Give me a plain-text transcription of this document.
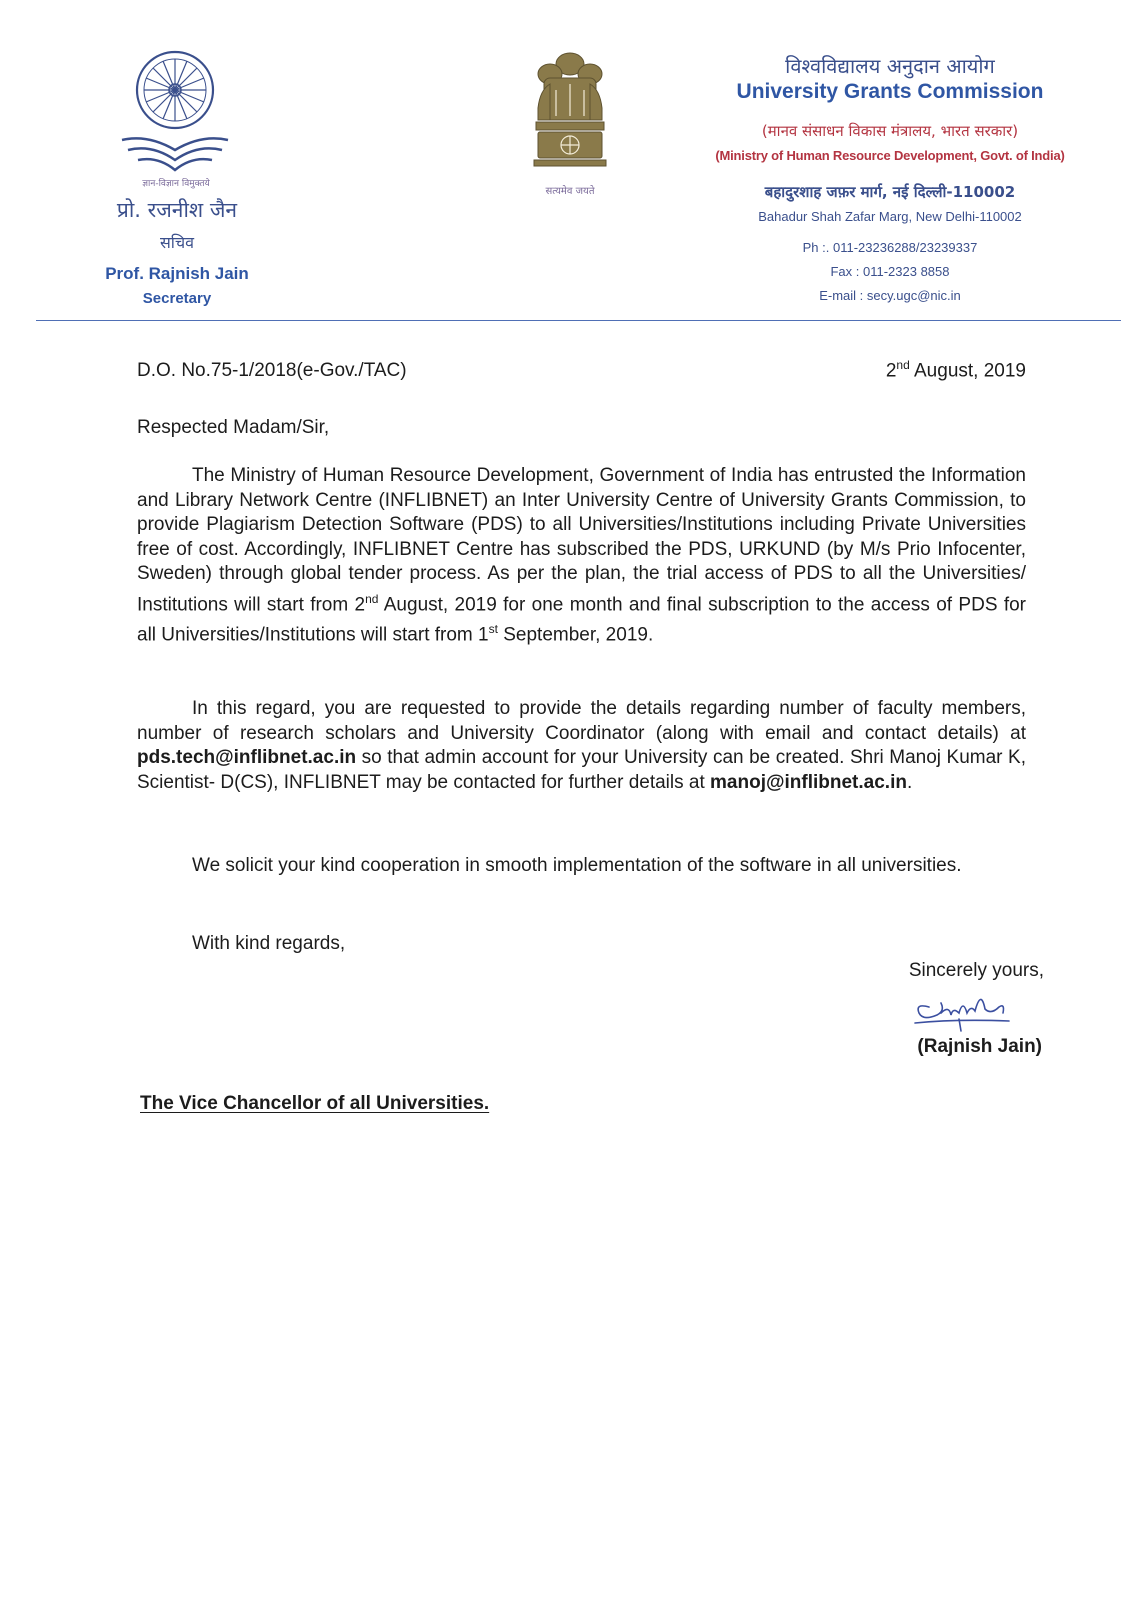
ज्ञान-विज्ञान विमुक्तये
प्रो. रजनीश जैन
सचिव
Prof. Rajnish Jain
Secretary
सत्यमेव जयते
विश्वविद्यालय अनुदान आयोग
University Grants Commission
(मानव संसाधन विकास मंत्रालय, भारत सरकार)
(Ministry of Human Resource Development, Govt. of India)
बहादुरशाह जफ़र मार्ग, नई दिल्ली-110002
Bahadur Shah Zafar Marg, New Delhi-110002
Ph :. 011-23236288/23239337
Fax : 011-2323 8858
E-mail : secy.ugc@nic.in
D.O. No.75-1/2018(e-Gov./TAC)	2nd August, 2019
Respected Madam/Sir,

The Ministry of Human Resource Development, Government of India has entrusted the Information and Library Network Centre (INFLIBNET) an Inter University Centre of University Grants Commission, to provide Plagiarism Detection Software (PDS) to all Universities/Institutions including Private Universities free of cost. Accordingly, INFLIBNET Centre has subscribed the PDS, URKUND (by M/s Prio Infocenter, Sweden) through global tender process. As per the plan, the trial access of PDS to all the Universities/ Institutions will start from 2nd August, 2019 for one month and final subscription to the access of PDS for all Universities/Institutions will start from 1st September, 2019.

In this regard, you are requested to provide the details regarding number of faculty members, number of research scholars and University Coordinator (along with email and contact details) at pds.tech@inflibnet.ac.in so that admin account for your University can be created. Shri Manoj Kumar K, Scientist- D(CS), INFLIBNET may be contacted for further details at manoj@inflibnet.ac.in.

We solicit your kind cooperation in smooth implementation of the software in all universities.

With kind regards,
Sincerely yours,
(Rajnish Jain)
The Vice Chancellor of all Universities.
